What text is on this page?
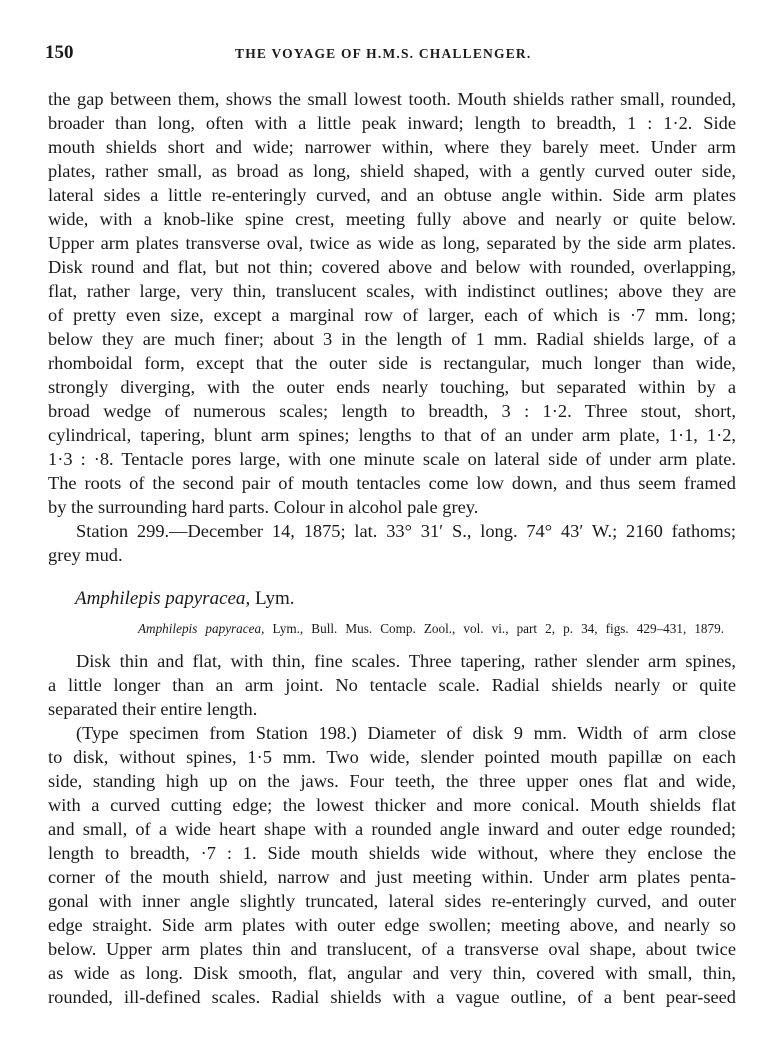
150	THE VOYAGE OF H.M.S. CHALLENGER.
the gap between them, shows the small lowest tooth. Mouth shields rather small, rounded,
broader than long, often with a little peak inward; length to breadth, 1 : 1·2. Side
mouth shields short and wide; narrower within, where they barely meet. Under arm
plates, rather small, as broad as long, shield shaped, with a gently curved outer side,
lateral sides a little re-enteringly curved, and an obtuse angle within. Side arm plates
wide, with a knob-like spine crest, meeting fully above and nearly or quite below.
Upper arm plates transverse oval, twice as wide as long, separated by the side arm plates.
Disk round and flat, but not thin; covered above and below with rounded, overlapping,
flat, rather large, very thin, translucent scales, with indistinct outlines; above they are
of pretty even size, except a marginal row of larger, each of which is ·7 mm. long;
below they are much finer; about 3 in the length of 1 mm. Radial shields large, of a
rhomboidal form, except that the outer side is rectangular, much longer than wide,
strongly diverging, with the outer ends nearly touching, but separated within by a
broad wedge of numerous scales; length to breadth, 3 : 1·2. Three stout, short,
cylindrical, tapering, blunt arm spines; lengths to that of an under arm plate, 1·1, 1·2,
1·3 : ·8. Tentacle pores large, with one minute scale on lateral side of under arm plate.
The roots of the second pair of mouth tentacles come low down, and thus seem framed
by the surrounding hard parts. Colour in alcohol pale grey.
Station 299.—December 14, 1875; lat. 33° 31′ S., long. 74° 43′ W.; 2160 fathoms;
grey mud.
Amphilepis papyracea, Lym.
Amphilepis papyracea, Lym., Bull. Mus. Comp. Zool., vol. vi., part 2, p. 34, figs. 429–431, 1879.
Disk thin and flat, with thin, fine scales. Three tapering, rather slender arm spines,
a little longer than an arm joint. No tentacle scale. Radial shields nearly or quite
separated their entire length.
(Type specimen from Station 198.) Diameter of disk 9 mm. Width of arm close
to disk, without spines, 1·5 mm. Two wide, slender pointed mouth papillæ on each
side, standing high up on the jaws. Four teeth, the three upper ones flat and wide,
with a curved cutting edge; the lowest thicker and more conical. Mouth shields flat
and small, of a wide heart shape with a rounded angle inward and outer edge rounded;
length to breadth, ·7 : 1. Side mouth shields wide without, where they enclose the
corner of the mouth shield, narrow and just meeting within. Under arm plates penta-
gonal with inner angle slightly truncated, lateral sides re-enteringly curved, and outer
edge straight. Side arm plates with outer edge swollen; meeting above, and nearly so
below. Upper arm plates thin and translucent, of a transverse oval shape, about twice
as wide as long. Disk smooth, flat, angular and very thin, covered with small, thin,
rounded, ill-defined scales. Radial shields with a vague outline, of a bent pear-seed
